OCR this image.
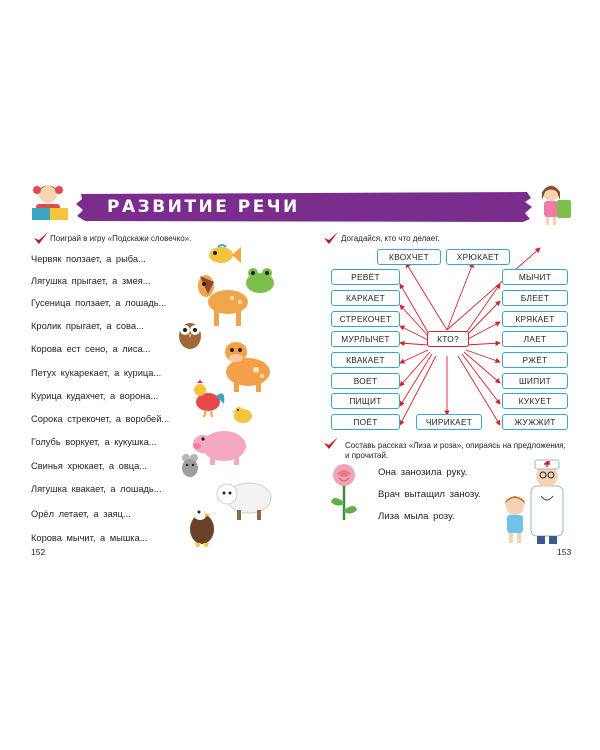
РАЗВИТИЕ РЕЧИ
Поиграй в игру «Подскажи словечко».
Червяк ползает, а рыба...
Лягушка прыгает, а змея...
Гусеница ползает, а лошадь...
Кролик прыгает, а сова...
Корова ест сено, а лиса...
Петух кукарекает, а курица...
Курица кудахчет, а ворона...
Сорока стрекочет, а воробей...
Голубь воркует, а кукушка...
Свинья хрюкает, а овца...
Лягушка квакает, а лошадь...
Орёл летает, а заяц...
Корова мычит, а мышка...
152
Догадайся, кто что делает.
КТО?
КВОХЧЕТ	ХРЮКАЕТ
РЕВЁТ
КАРКАЕТ
СТРЕКОЧЕТ
МУРЛЫЧЕТ
КВАКАЕТ
ВОЕТ
ПИЩИТ
ПОЁТ
МЫЧИТ
БЛЕЕТ
КРЯКАЕТ
ЛАЕТ
РЖЁТ
ШИПИТ
КУКУЕТ
ЖУЖЖИТ
ЧИРИКАЕТ
Составь рассказ «Лиза и роза», опираясь на предложения, и прочитай.
Она занозила руку.
Врач вытащил занозу.
Лиза мыла розу.
153
